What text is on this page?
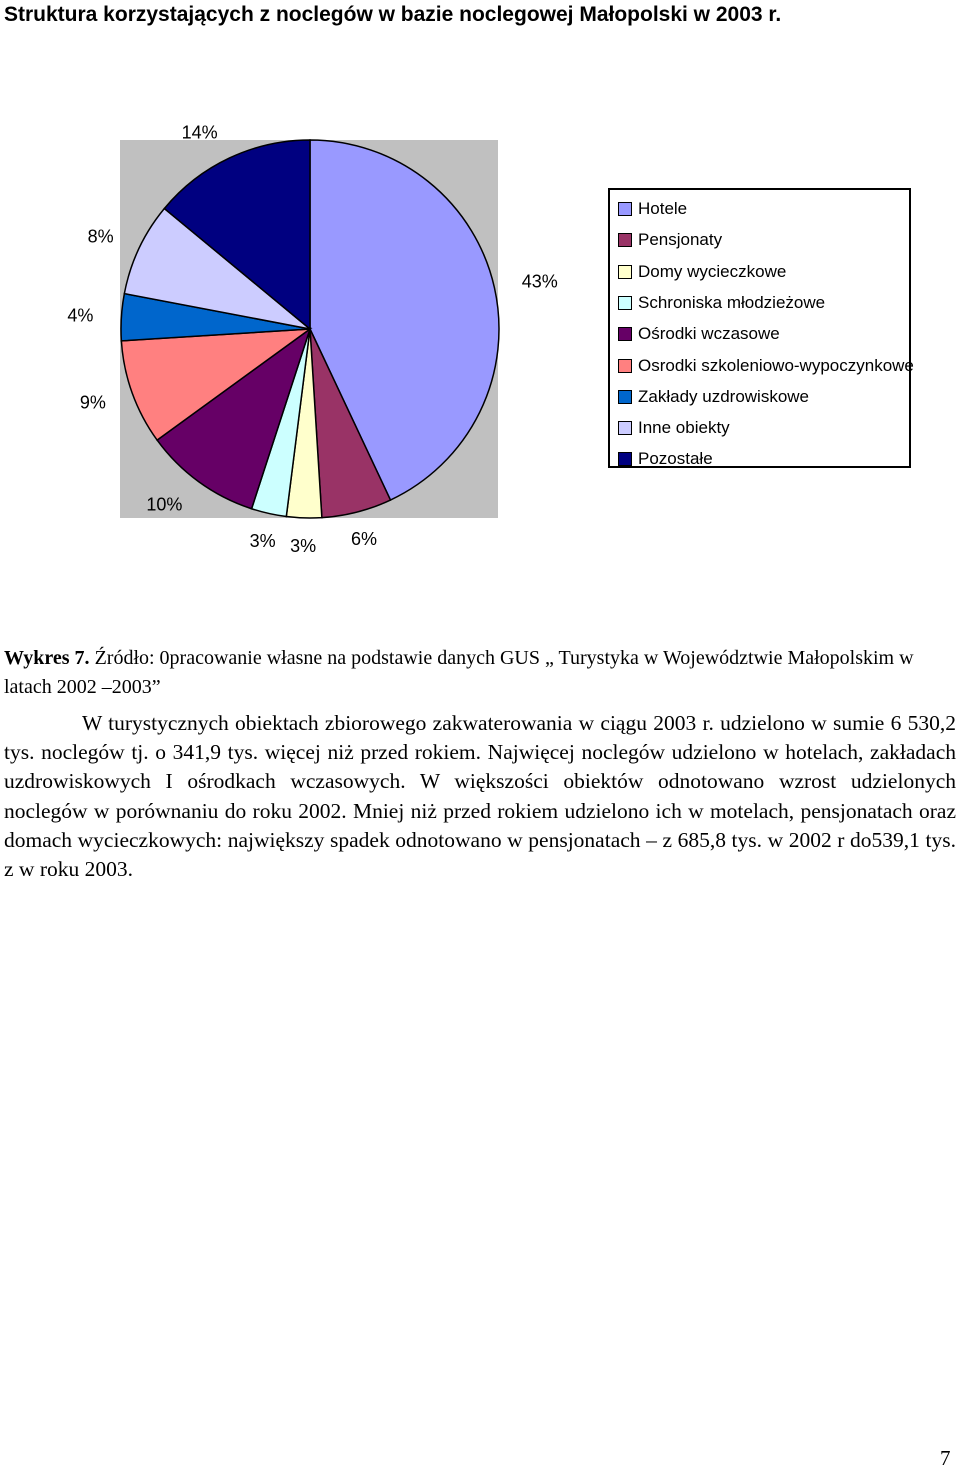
Struktura korzystających z noclegów w bazie noclegowej Małopolski w 2003 r.
43%
6%
3%
3%
10%
9%
4%
8%
14%
Hotele
Pensjonaty
Domy wycieczkowe
Schroniska młodzieżowe
Ośrodki wczasowe
Osrodki szkoleniowo-wypoczynkowe
Zakłady uzdrowiskowe
Inne obiekty
Pozostałe
Wykres 7. Źródło: 0pracowanie własne na podstawie danych GUS „ Turystyka w Województwie Małopolskim w latach 2002 –2003”

W turystycznych obiektach zbiorowego zakwaterowania w ciągu 2003 r. udzielono w sumie 6 530,2 tys. noclegów tj. o 341,9 tys. więcej niż przed rokiem. Najwięcej noclegów udzielono w hotelach, zakładach uzdrowiskowych I ośrodkach wczasowych. W większości obiektów odnotowano wzrost udzielonych noclegów w porównaniu do roku 2002. Mniej niż przed rokiem udzielono ich w motelach, pensjonatach oraz domach wycieczkowych: największy spadek odnotowano w pensjonatach – z 685,8 tys. w 2002 r do539,1 tys. z w roku 2003.

7
